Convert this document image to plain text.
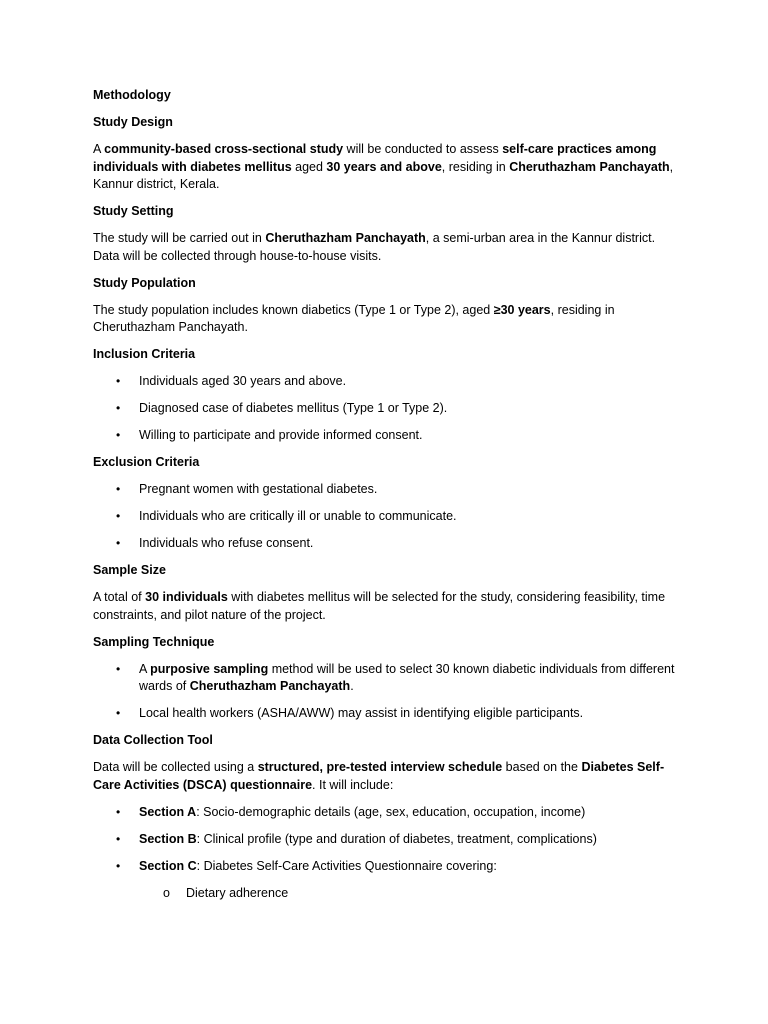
Methodology
Study Design
A community-based cross-sectional study will be conducted to assess self-care practices among individuals with diabetes mellitus aged 30 years and above, residing in Cheruthazham Panchayath, Kannur district, Kerala.
Study Setting
The study will be carried out in Cheruthazham Panchayath, a semi-urban area in the Kannur district. Data will be collected through house-to-house visits.
Study Population
The study population includes known diabetics (Type 1 or Type 2), aged ≥30 years, residing in Cheruthazham Panchayath.
Inclusion Criteria
• Individuals aged 30 years and above.
• Diagnosed case of diabetes mellitus (Type 1 or Type 2).
• Willing to participate and provide informed consent.
Exclusion Criteria
• Pregnant women with gestational diabetes.
• Individuals who are critically ill or unable to communicate.
• Individuals who refuse consent.
Sample Size
A total of 30 individuals with diabetes mellitus will be selected for the study, considering feasibility, time constraints, and pilot nature of the project.
Sampling Technique
• A purposive sampling method will be used to select 30 known diabetic individuals from different wards of Cheruthazham Panchayath.
• Local health workers (ASHA/AWW) may assist in identifying eligible participants.
Data Collection Tool
Data will be collected using a structured, pre-tested interview schedule based on the Diabetes Self-Care Activities (DSCA) questionnaire. It will include:
• Section A: Socio-demographic details (age, sex, education, occupation, income)
• Section B: Clinical profile (type and duration of diabetes, treatment, complications)
• Section C: Diabetes Self-Care Activities Questionnaire covering:
o Dietary adherence
